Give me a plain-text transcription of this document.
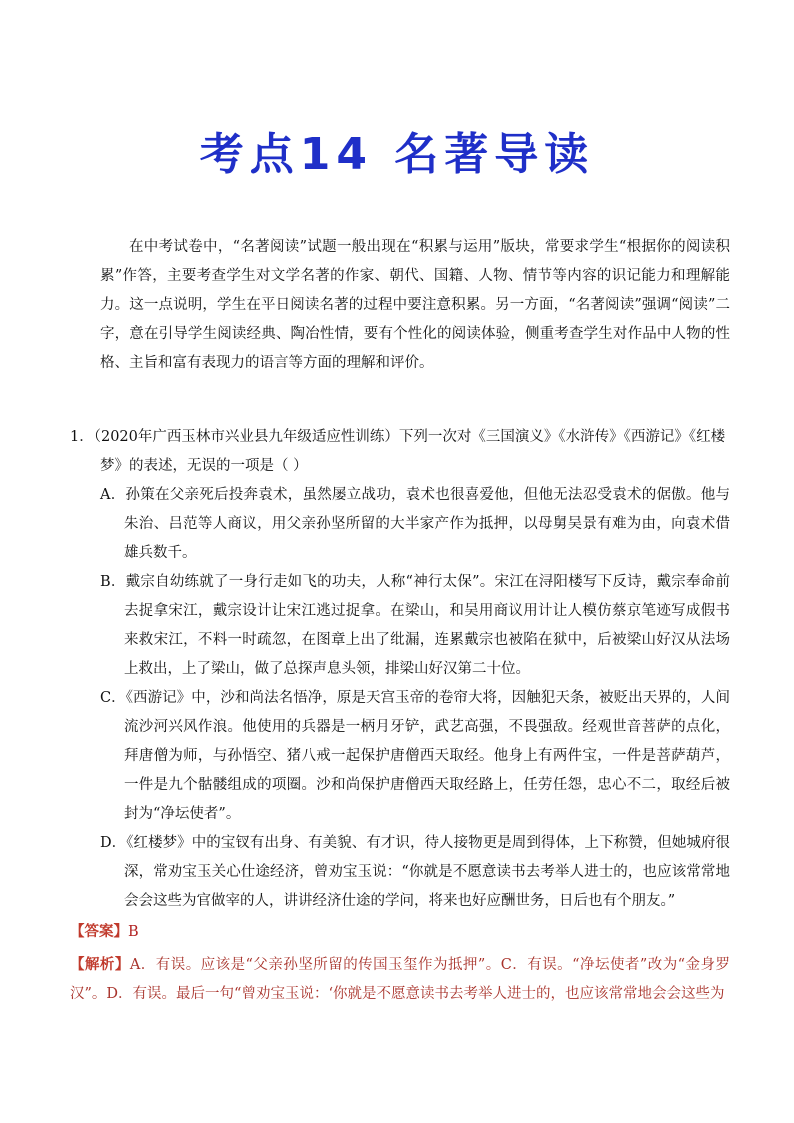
考点14 名著导读
在中考试卷中，“名著阅读”试题一般出现在“积累与运用”版块，常要求学生“根据你的阅读积累”作答，主要考查学生对文学名著的作家、朝代、国籍、人物、情节等内容的识记能力和理解能力。这一点说明，学生在平日阅读名著的过程中要注意积累。另一方面，“名著阅读”强调“阅读”二字，意在引导学生阅读经典、陶冶性情，要有个性化的阅读体验，侧重考查学生对作品中人物的性格、主旨和富有表现力的语言等方面的理解和评价。
1．（2020年广西玉林市兴业县九年级适应性训练）下列一次对《三国演义》《水浒传》《西游记》《红楼梦》的表述，无误的一项是（ ）
A．孙策在父亲死后投奔袁术，虽然屡立战功，袁术也很喜爱他，但他无法忍受袁术的倨傲。他与朱治、吕范等人商议，用父亲孙坚所留的大半家产作为抵押，以母舅吴景有难为由，向袁术借雄兵数千。
B．戴宗自幼练就了一身行走如飞的功夫，人称“神行太保”。宋江在浔阳楼写下反诗，戴宗奉命前去捉拿宋江，戴宗设计让宋江逃过捉拿。在梁山，和吴用商议用计让人模仿蔡京笔迹写成假书来救宋江，不料一时疏忽，在图章上出了纰漏，连累戴宗也被陷在狱中，后被梁山好汉从法场上救出，上了梁山，做了总探声息头领，排梁山好汉第二十位。
C．《西游记》中，沙和尚法名悟净，原是天宫玉帝的卷帘大将，因触犯天条，被贬出天界的，人间流沙河兴风作浪。他使用的兵器是一柄月牙铲，武艺高强，不畏强敌。经观世音菩萨的点化，拜唐僧为师，与孙悟空、猪八戒一起保护唐僧西天取经。他身上有两件宝，一件是菩萨葫芦，一件是九个骷髅组成的项圈。沙和尚保护唐僧西天取经路上，任劳任怨，忠心不二，取经后被封为“净坛使者”。
D．《红楼梦》中的宝钗有出身、有美貌、有才识，待人接物更是周到得体，上下称赞，但她城府很深，常劝宝玉关心仕途经济，曾劝宝玉说：“你就是不愿意读书去考举人进士的，也应该常常地会会这些为官做宰的人，讲讲经济仕途的学问，将来也好应酬世务，日后也有个朋友。”
【答案】B
【解析】A．有误。应该是“父亲孙坚所留的传国玉玺作为抵押”。C．有误。“净坛使者”改为“金身罗汉”。D．有误。最后一句“曾劝宝玉说：‘你就是不愿意读书去考举人进士的，也应该常常地会会这些为
